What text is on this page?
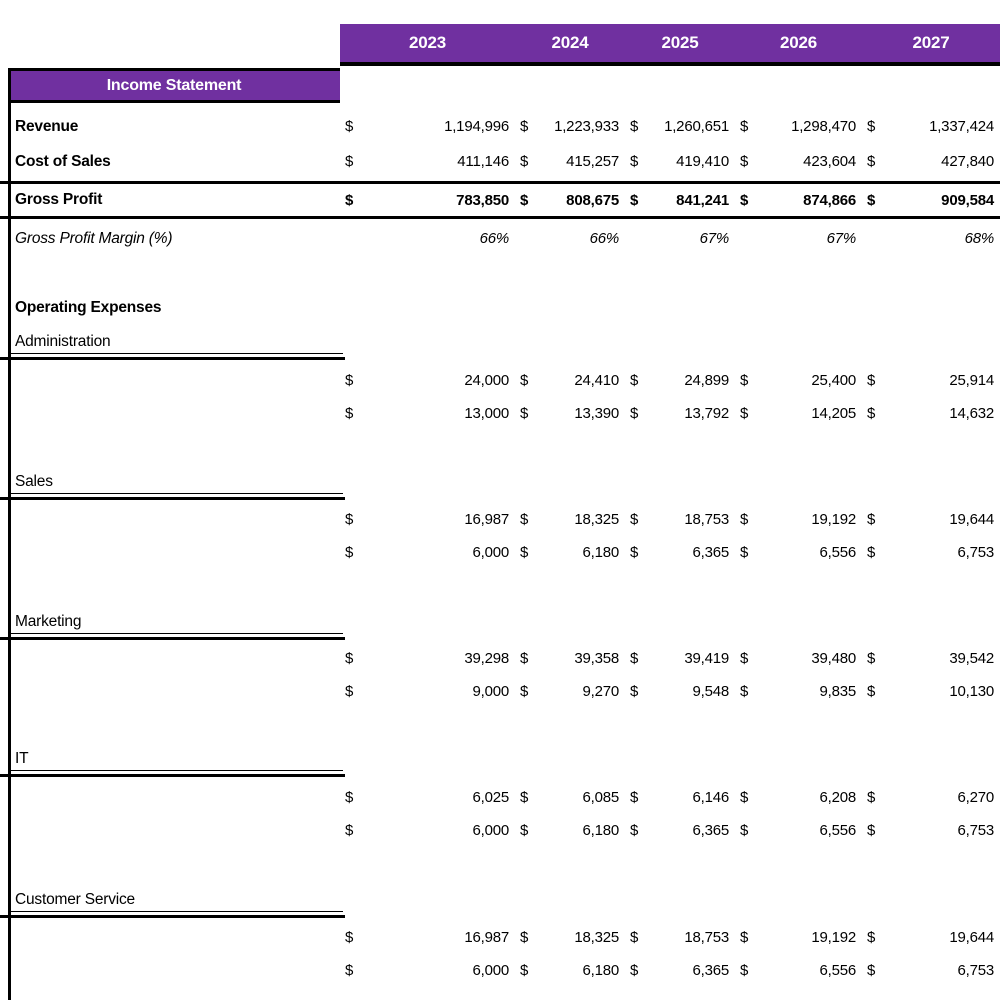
2023	2024	2025	2026	2027
Income Statement
Revenue	$	1,194,996 $ 1,223,933 $ 1,260,651 $	1,298,470 $	1,337,424
Cost of Sales	$	411,146 $	415,257 $	419,410 $	423,604 $	427,840
Gross Profit	$	783,850 $	808,675 $	841,241 $	874,866 $	909,584
Gross Profit Margin (%)	66%	66%	67%	67%	68%
Operating Expenses
Administration
$	24,000 $	24,410 $	24,899 $	25,400 $	25,914
$	13,000 $	13,390 $	13,792 $	14,205 $	14,632
Sales
$	16,987 $	18,325 $	18,753 $	19,192 $	19,644
$	6,000 $	6,180 $	6,365 $	6,556 $	6,753
Marketing
$	39,298 $	39,358 $	39,419 $	39,480 $	39,542
$	9,000 $	9,270 $	9,548 $	9,835 $	10,130
IT
$	6,025 $	6,085 $	6,146 $	6,208 $	6,270
$	6,000 $	6,180 $	6,365 $	6,556 $	6,753
Customer Service
$	16,987 $	18,325 $	18,753 $	19,192 $	19,644
$	6,000 $	6,180 $	6,365 $	6,556 $	6,753
